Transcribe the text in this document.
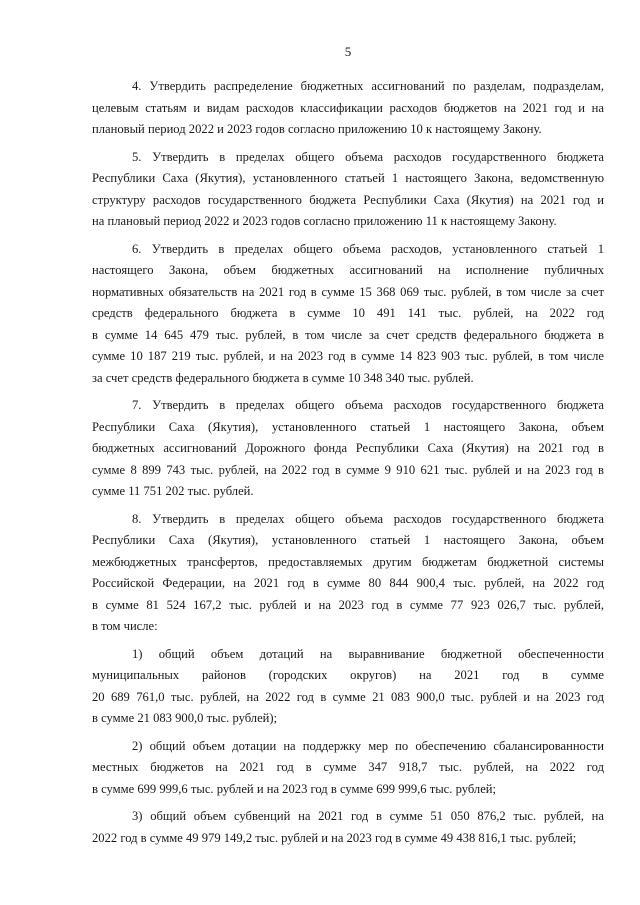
5
4. Утвердить распределение бюджетных ассигнований по разделам, подразделам,
целевым статьям и видам расходов классификации расходов бюджетов на 2021 год и на
плановый период 2022 и 2023 годов согласно приложению 10 к настоящему Закону.
5. Утвердить в пределах общего объема расходов государственного бюджета
Республики Саха (Якутия), установленного статьей 1 настоящего Закона, ведомственную
структуру расходов государственного бюджета Республики Саха (Якутия) на 2021 год и
на плановый период 2022 и 2023 годов согласно приложению 11 к настоящему Закону.
6. Утвердить в пределах общего объема расходов, установленного статьей 1
настоящего Закона, объем бюджетных ассигнований на исполнение публичных
нормативных обязательств на 2021 год в сумме 15 368 069 тыс. рублей, в том числе за счет
средств федерального бюджета в сумме 10 491 141 тыс. рублей, на 2022 год
в сумме 14 645 479 тыс. рублей, в том числе за счет средств федерального бюджета в
сумме 10 187 219 тыс. рублей, и на 2023 год в сумме 14 823 903 тыс. рублей, в том числе
за счет средств федерального бюджета в сумме 10 348 340 тыс. рублей.
7. Утвердить в пределах общего объема расходов государственного бюджета
Республики Саха (Якутия), установленного статьей 1 настоящего Закона, объем
бюджетных ассигнований Дорожного фонда Республики Саха (Якутия) на 2021 год в
сумме 8 899 743 тыс. рублей, на 2022 год в сумме 9 910 621 тыс. рублей и на 2023 год в
сумме 11 751 202 тыс. рублей.
8. Утвердить в пределах общего объема расходов государственного бюджета
Республики Саха (Якутия), установленного статьей 1 настоящего Закона, объем
межбюджетных трансфертов, предоставляемых другим бюджетам бюджетной системы
Российской Федерации, на 2021 год в сумме 80 844 900,4 тыс. рублей, на 2022 год
в сумме 81 524 167,2 тыс. рублей и на 2023 год в сумме 77 923 026,7 тыс. рублей,
в том числе:
1) общий объем дотаций на выравнивание бюджетной обеспеченности
муниципальных районов (городских округов) на 2021 год в сумме
20 689 761,0 тыс. рублей, на 2022 год в сумме 21 083 900,0 тыс. рублей и на 2023 год
в сумме 21 083 900,0 тыс. рублей);
2) общий объем дотации на поддержку мер по обеспечению сбалансированности
местных бюджетов на 2021 год в сумме 347 918,7 тыс. рублей, на 2022 год
в сумме 699 999,6 тыс. рублей и на 2023 год в сумме 699 999,6 тыс. рублей;
3) общий объем субвенций на 2021 год в сумме 51 050 876,2 тыс. рублей, на
2022 год в сумме 49 979 149,2 тыс. рублей и на 2023 год в сумме 49 438 816,1 тыс. рублей;
